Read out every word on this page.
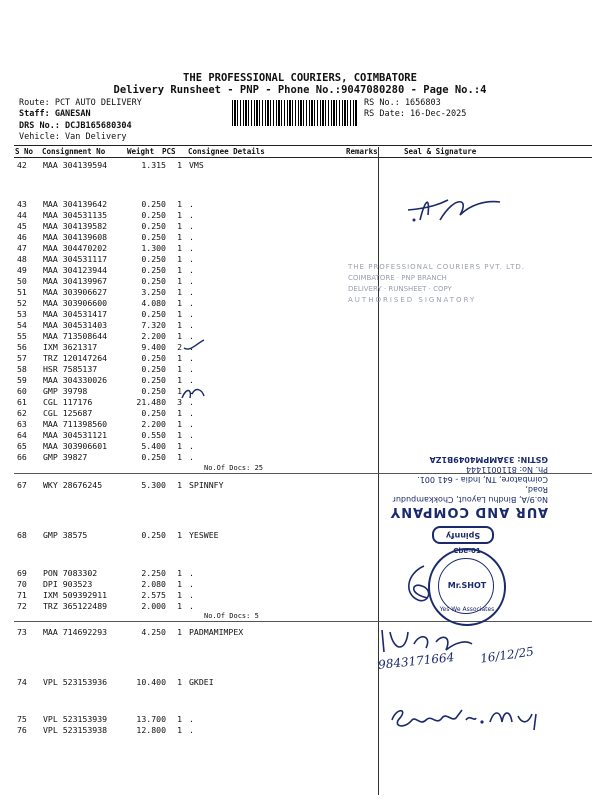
THE PROFESSIONAL COURIERS, COIMBATORE
Delivery Runsheet - PNP - Phone No.:9047080280 - Page No.:4
Route: PCT AUTO DELIVERY
Staff: GANESAN
DRS No.: DCJB165680304
Vehicle: Van Delivery
RS No.: 1656803
RS Date: 16-Dec-2025
S No Consignment No	Weight PCS Consignee Details	Remarks	Seal & Signature
THE PROFESSIONAL COURIERS PVT. LTD.
COIMBATORE · PNP BRANCH
DELIVERY · RUNSHEET · COPY
AUTHORISED SIGNATORY
42 MAA 304139594	1.315	1 VMS
43 MAA 304139642	0.250	1 .
44 MAA 304531135	0.250	1 .
45 MAA 304139582	0.250	1 .
46 MAA 304139608	0.250	1 .
47 MAA 304470202	1.300	1 .
48 MAA 304531117	0.250	1 .
49 MAA 304123944	0.250	1 .
50 MAA 304139967	0.250	1 .
51 MAA 303906627	3.250	1 .
52 MAA 303906600	4.080	1 .
53 MAA 304531417	0.250	1 .
54 MAA 304531403	7.320	1 .
55 MAA 713508644	2.200	1 .
56 IXM 3621317	9.400	2 .
57 TRZ 120147264	0.250	1 .
58 HSR 7585137	0.250	1 .
59 MAA 304330026	0.250	1 .
60 GMP 39798	0.250	1 .
61 CGL 117176	21.480	3 .
62 CGL 125687	0.250	1 .
63 MAA 711398560	2.200	1 .
64 MAA 304531121	0.550	1 .
65 MAA 303906601	5.400	1 .
66 GMP 39827	0.250	1 .
67 WKY 28676245	5.300	1 SPINNFY
68 GMP 38575	0.250	1 YESWEE
69 PON 7083302	2.250	1 .
70 DPI 903523	2.080	1 .
71 IXM 509392911	2.575	1 .
72 TRZ 365122489	2.000	1 .
73 MAA 714692293	4.250	1 PADMAMIMPEX
74 VPL 523153936	10.400	1 GKDEI
75 VPL 523153939	13.700	1 .
76 VPL 523153938	12.800	1 .
No.Of Docs: 25
No.Of Docs: 5
AUR AND COMPANY
No.9/A, Bindhu Layout, Chokkampudur Road,
Coimbatore, TN, India - 641 001.
Ph. No: 8110011444
GSTIN: 33AMPM4049B1ZA
Spinnfy
Cbe-01
Mr.SHOT
Yes We Associates
9843171664 16/12/25
